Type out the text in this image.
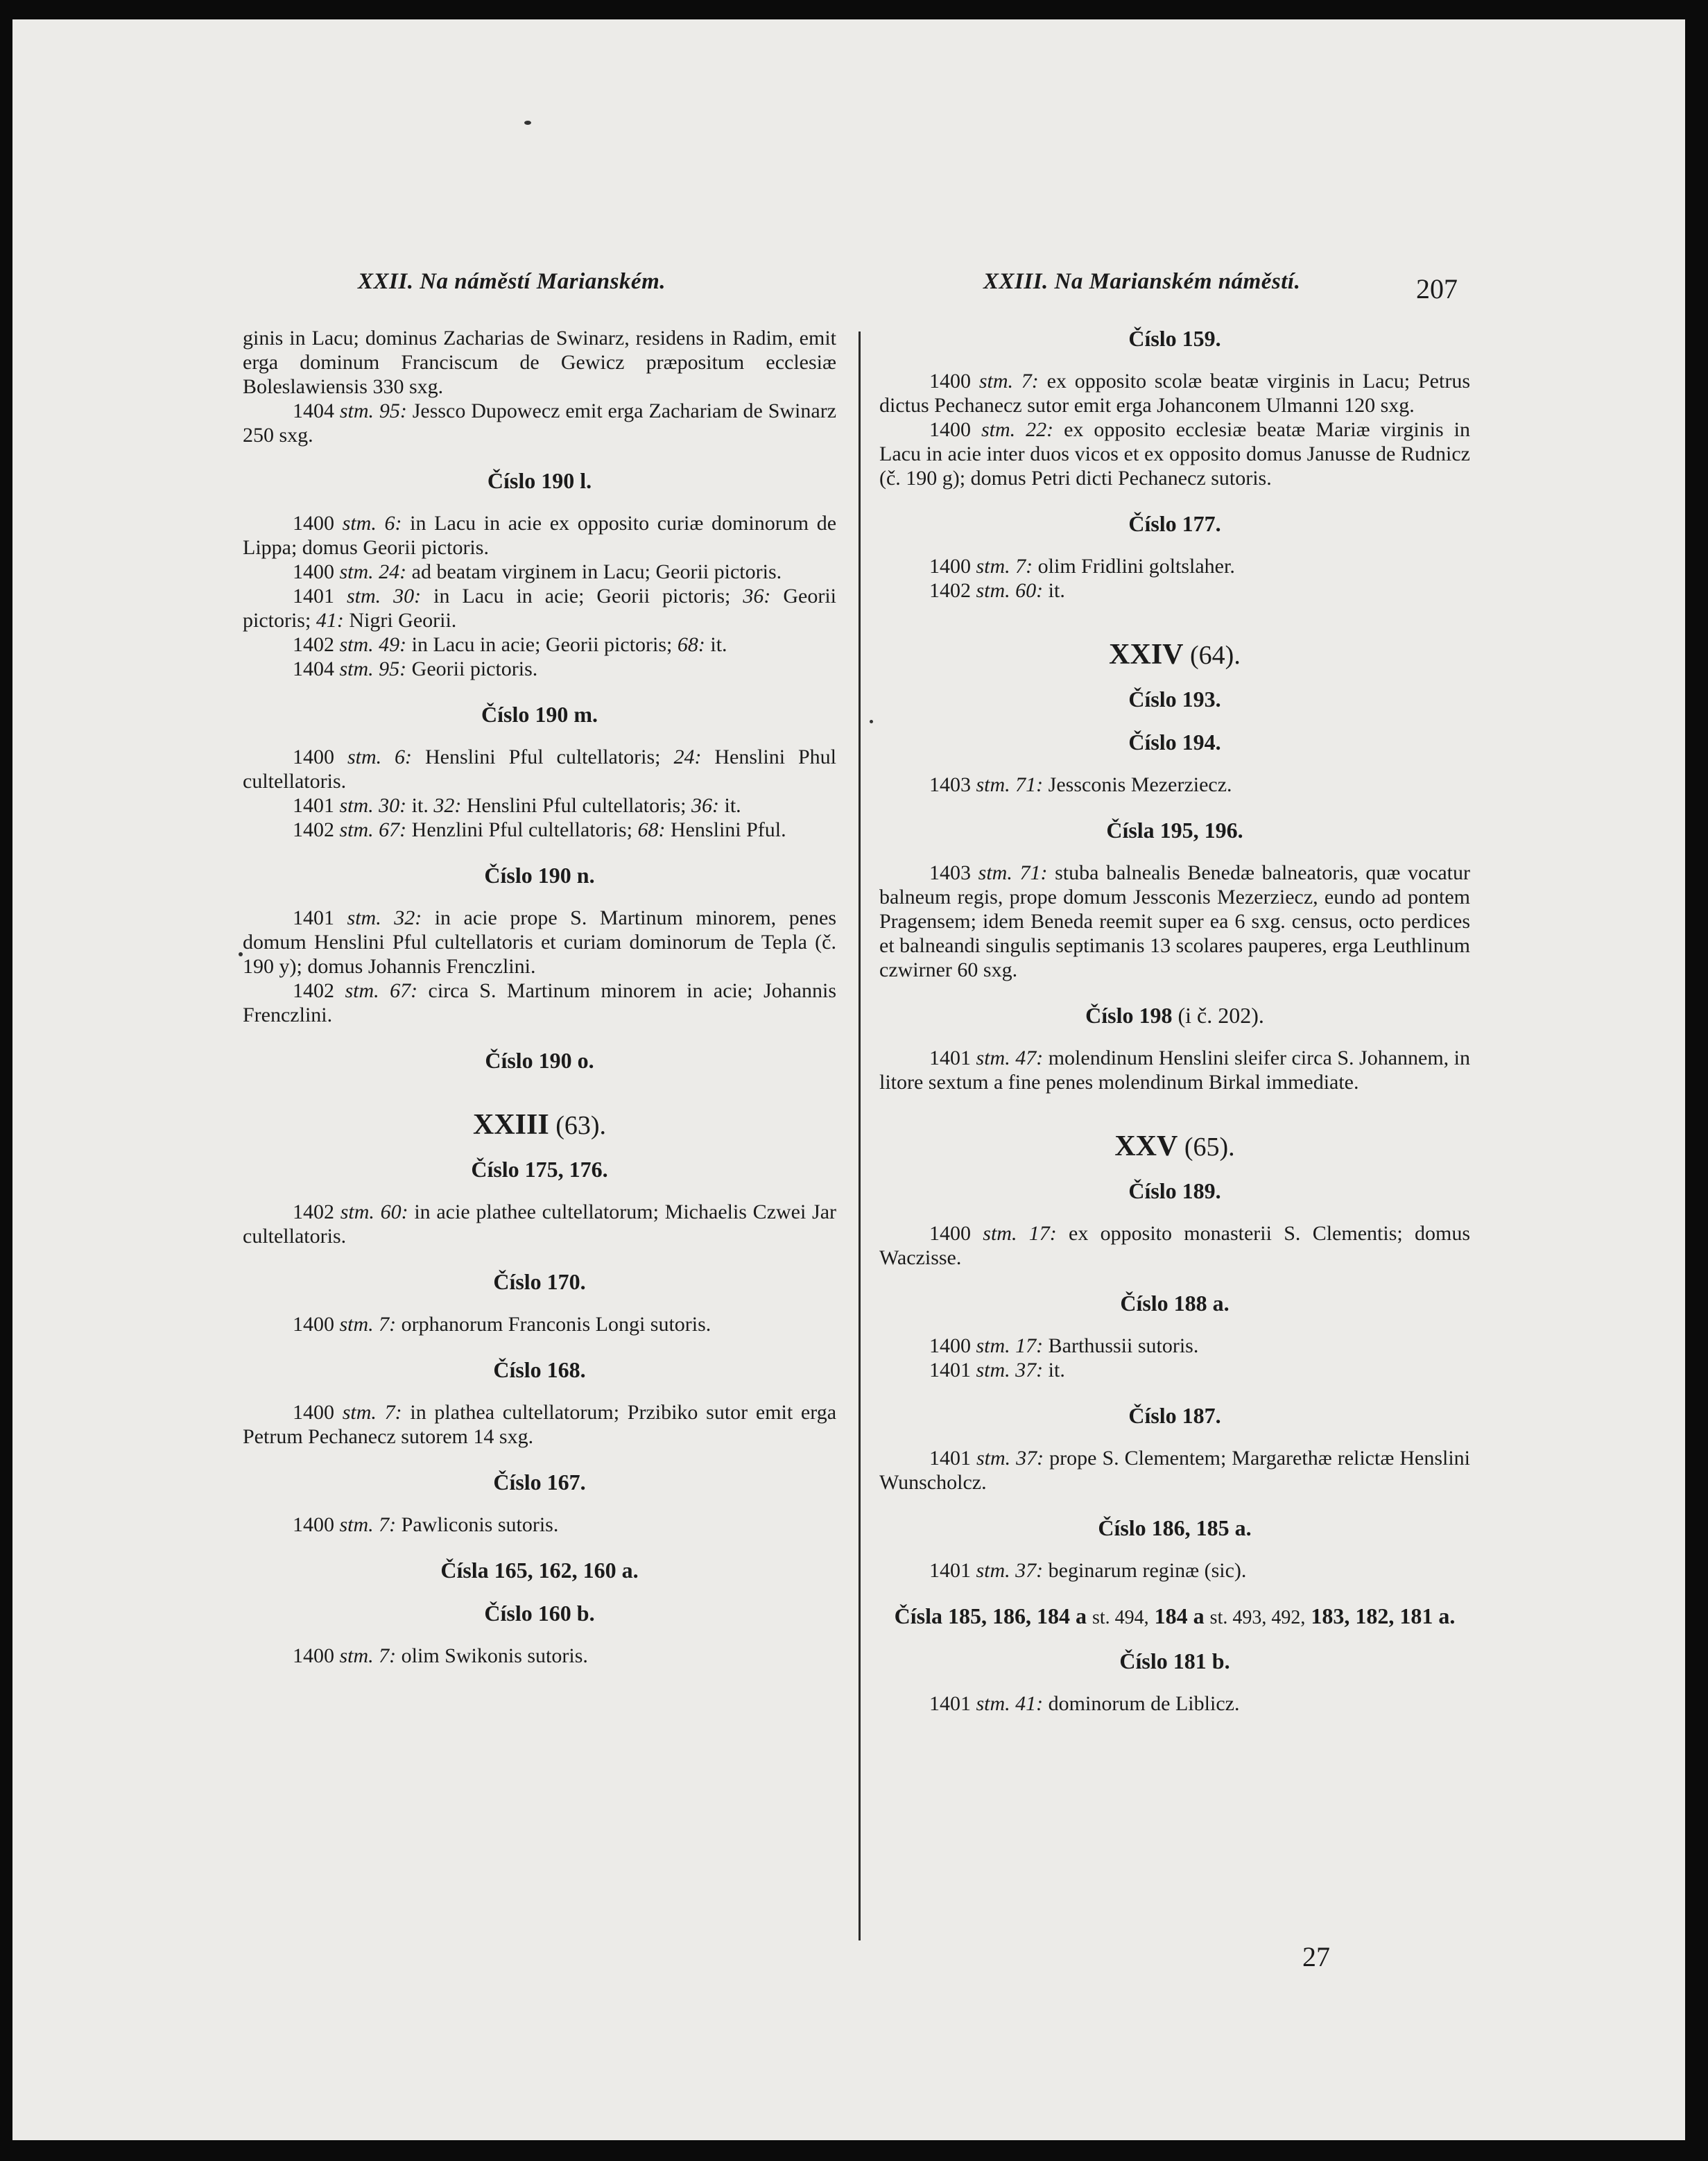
XXII. Na náměstí Marianském.	XXIII. Na Marianském náměstí.	207

ginis in Lacu; dominus Zacharias de Swinarz, residens in Radim, emit erga dominum Franciscum de Gewicz præpositum ecclesiæ Boleslawiensis 330 sxg.

1404 stm. 95: Jessco Dupowecz emit erga Zachariam de Swinarz 250 sxg.

Číslo 190 l.

1400 stm. 6: in Lacu in acie ex opposito curiæ dominorum de Lippa; domus Georii pictoris.

1400 stm. 24: ad beatam virginem in Lacu; Georii pictoris.

1401 stm. 30: in Lacu in acie; Georii pictoris; 36: Georii pictoris; 41: Nigri Georii.

1402 stm. 49: in Lacu in acie; Georii pictoris; 68: it.

1404 stm. 95: Georii pictoris.

Číslo 190 m.

1400 stm. 6: Henslini Pful cultellatoris; 24: Henslini Phul cultellatoris.

1401 stm. 30: it. 32: Henslini Pful cultellatoris; 36: it.

1402 stm. 67: Henzlini Pful cultellatoris; 68: Henslini Pful.

Číslo 190 n.

1401 stm. 32: in acie prope S. Martinum minorem, penes domum Henslini Pful cultellatoris et curiam dominorum de Tepla (č. 190 y); domus Johannis Frenczlini.

1402 stm. 67: circa S. Martinum minorem in acie; Johannis Frenczlini.

Číslo 190 o.
XXIII (63).
Číslo 175, 176.

1402 stm. 60: in acie plathee cultellatorum; Michaelis Czwei Jar cultellatoris.

Číslo 170.

1400 stm. 7: orphanorum Franconis Longi sutoris.

Číslo 168.

1400 stm. 7: in plathea cultellatorum; Przibiko sutor emit erga Petrum Pechanecz sutorem 14 sxg.

Číslo 167.

1400 stm. 7: Pawliconis sutoris.

Čísla 165, 162, 160 a.
Číslo 160 b.

1400 stm. 7: olim Swikonis sutoris.

Číslo 159.

1400 stm. 7: ex opposito scolæ beatæ virginis in Lacu; Petrus dictus Pechanecz sutor emit erga Johanconem Ulmanni 120 sxg.

1400 stm. 22: ex opposito ecclesiæ beatæ Mariæ virginis in Lacu in acie inter duos vicos et ex opposito domus Janusse de Rudnicz (č. 190 g); domus Petri dicti Pechanecz sutoris.

Číslo 177.

1400 stm. 7: olim Fridlini goltslaher.

1402 stm. 60: it.

XXIV (64).
Číslo 193.
Číslo 194.

1403 stm. 71: Jessconis Mezerziecz.

Čísla 195, 196.

1403 stm. 71: stuba balnealis Benedæ balneatoris, quæ vocatur balneum regis, prope domum Jessconis Mezerziecz, eundo ad pontem Pragensem; idem Beneda reemit super ea 6 sxg. census, octo perdices et balneandi singulis septimanis 13 scolares pauperes, erga Leuthlinum czwirner 60 sxg.

Číslo 198 (i č. 202).

1401 stm. 47: molendinum Henslini sleifer circa S. Johannem, in litore sextum a fine penes molendinum Birkal immediate.

XXV (65).
Číslo 189.

1400 stm. 17: ex opposito monasterii S. Clementis; domus Waczisse.

Číslo 188 a.

1400 stm. 17: Barthussii sutoris.

1401 stm. 37: it.

Číslo 187.

1401 stm. 37: prope S. Clementem; Margarethæ relictæ Henslini Wunscholcz.

Číslo 186, 185 a.

1401 stm. 37: beginarum reginæ (sic).

Čísla 185, 186, 184 a st. 494, 184 a st. 493, 492, 183, 182, 181 a.
Číslo 181 b.

1401 stm. 41: dominorum de Liblicz.

27
